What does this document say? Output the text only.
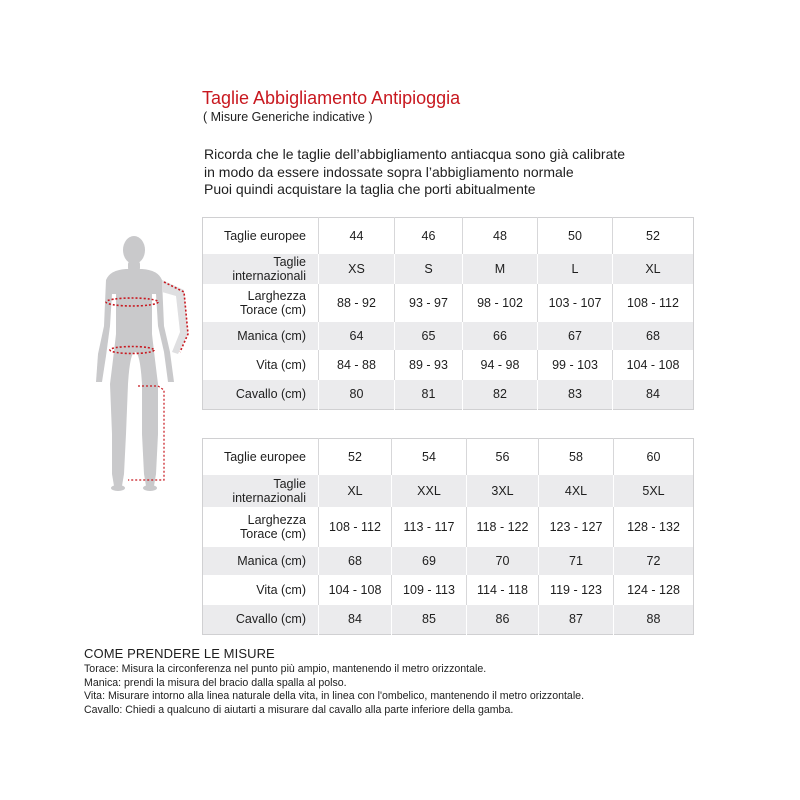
Taglie Abbigliamento Antipioggia
( Misure Generiche indicative )
Ricorda che le taglie dell’abbigliamento antiacqua sono già calibrate
in modo da essere indossate sopra l’abbigliamento normale
Puoi quindi acquistare la taglia che porti abitualmente
Taglie europee	44	46	48	50	52

Taglie
internazionali	XS	S	M	L	XL

Larghezza
Torace (cm)	88 - 92	93 - 97	98 - 102	103 - 107	108 - 112
Manica (cm)	64	65	66	67	68
Vita (cm)	84 - 88	89 - 93	94 - 98	99 - 103	104 - 108
Cavallo (cm)	80	81	82	83	84
Taglie europee	52	54	56	58	60

Taglie
internazionali	XL	XXL	3XL	4XL	5XL

Larghezza
Torace (cm)	108 - 112	113 - 117	118 - 122	123 - 127	128 - 132
Manica (cm)	68	69	70	71	72
Vita (cm)	104 - 108	109 - 113	114 - 118	119 - 123	124 - 128
Cavallo (cm)	84	85	86	87	88
COME PRENDERE LE MISURE
Torace: Misura la circonferenza nel punto più ampio, mantenendo il metro orizzontale.
Manica: prendi la misura del bracio dalla spalla al polso.
Vita: Misurare intorno alla linea naturale della vita, in linea con l'ombelico, mantenendo il metro orizzontale.
Cavallo: Chiedi a qualcuno di aiutarti a misurare dal cavallo alla parte inferiore della gamba.
